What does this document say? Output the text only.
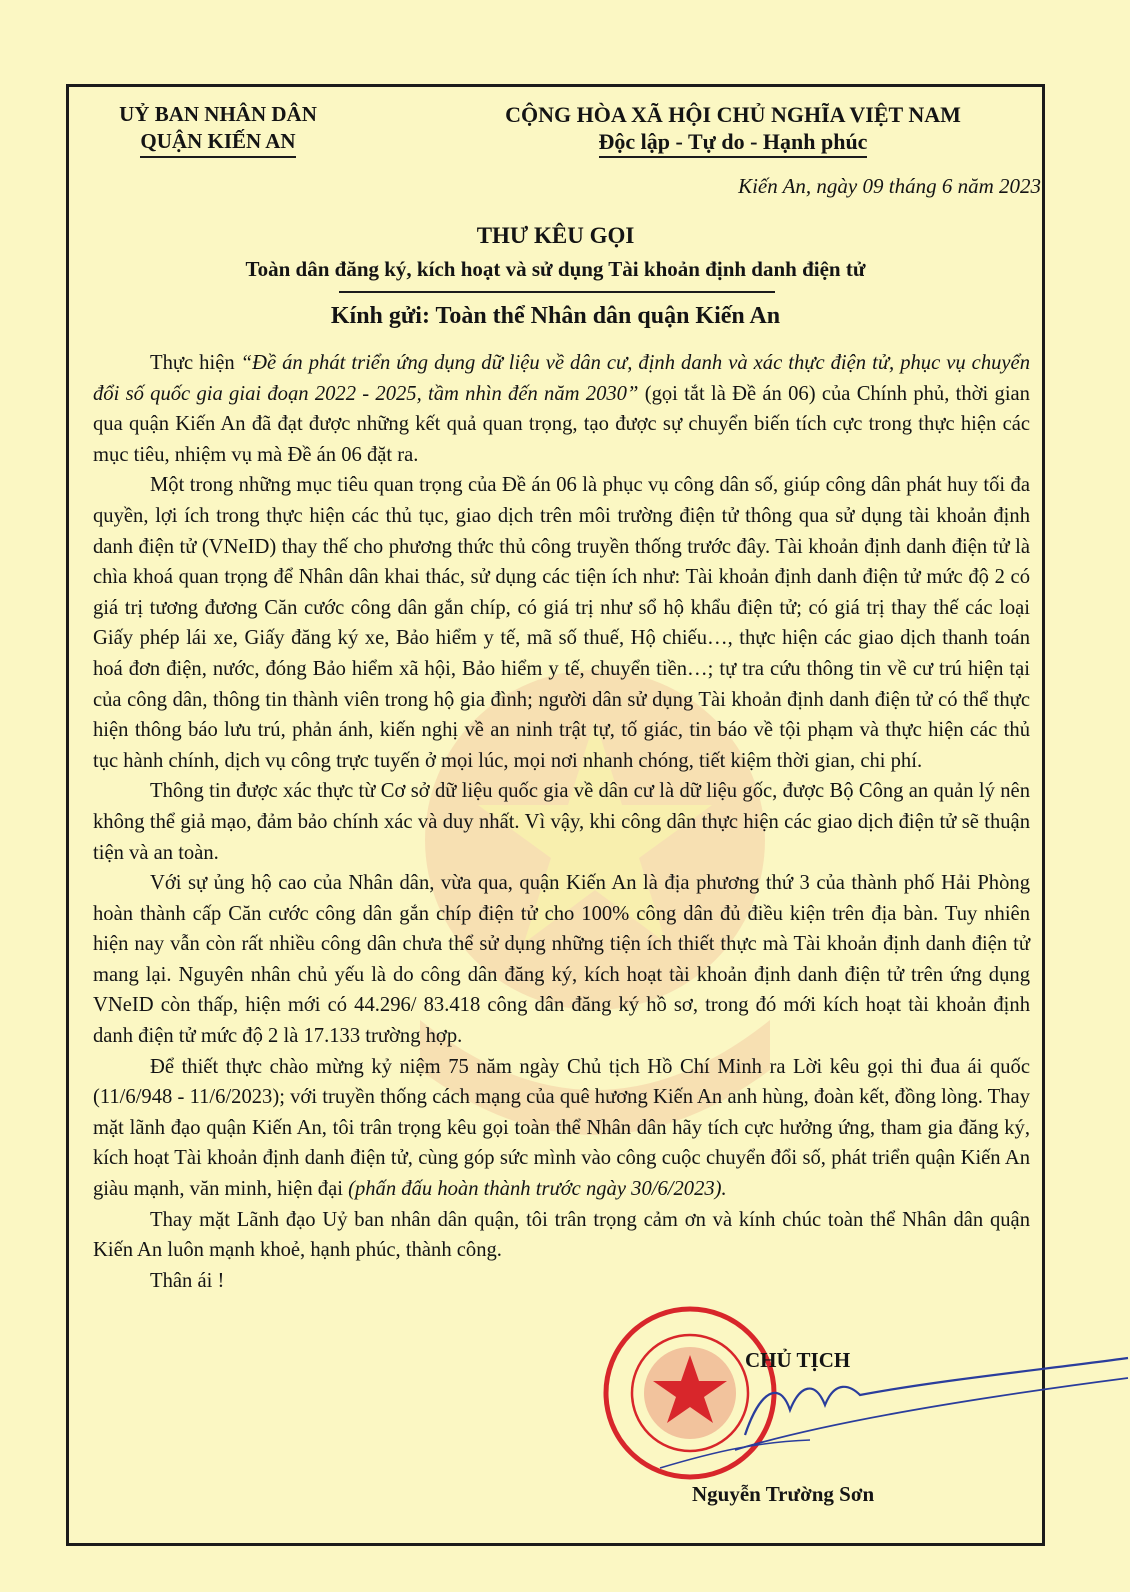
UỶ BAN NHÂN DÂN
QUẬN KIẾN AN
CỘNG HÒA XÃ HỘI CHỦ NGHĨA VIỆT NAM
Độc lập - Tự do - Hạnh phúc
Kiến An, ngày 09 tháng 6 năm 2023
THƯ KÊU GỌI
Toàn dân đăng ký, kích hoạt và sử dụng Tài khoản định danh điện tử
Kính gửi: Toàn thể Nhân dân quận Kiến An

Thực hiện “Đề án phát triển ứng dụng dữ liệu về dân cư, định danh và xác thực điện tử, phục vụ chuyển đổi số quốc gia giai đoạn 2022 - 2025, tầm nhìn đến năm 2030” (gọi tắt là Đề án 06) của Chính phủ, thời gian qua quận Kiến An đã đạt được những kết quả quan trọng, tạo được sự chuyển biến tích cực trong thực hiện các mục tiêu, nhiệm vụ mà Đề án 06 đặt ra.

Một trong những mục tiêu quan trọng của Đề án 06 là phục vụ công dân số, giúp công dân phát huy tối đa quyền, lợi ích trong thực hiện các thủ tục, giao dịch trên môi trường điện tử thông qua sử dụng tài khoản định danh điện tử (VNeID) thay thế cho phương thức thủ công truyền thống trước đây. Tài khoản định danh điện tử là chìa khoá quan trọng để Nhân dân khai thác, sử dụng các tiện ích như: Tài khoản định danh điện tử mức độ 2 có giá trị tương đương Căn cước công dân gắn chíp, có giá trị như sổ hộ khẩu điện tử; có giá trị thay thế các loại Giấy phép lái xe, Giấy đăng ký xe, Bảo hiểm y tế, mã số thuế, Hộ chiếu…, thực hiện các giao dịch thanh toán hoá đơn điện, nước, đóng Bảo hiểm xã hội, Bảo hiểm y tế, chuyển tiền…; tự tra cứu thông tin về cư trú hiện tại của công dân, thông tin thành viên trong hộ gia đình; người dân sử dụng Tài khoản định danh điện tử có thể thực hiện thông báo lưu trú, phản ánh, kiến nghị về an ninh trật tự, tố giác, tin báo về tội phạm và thực hiện các thủ tục hành chính, dịch vụ công trực tuyến ở mọi lúc, mọi nơi nhanh chóng, tiết kiệm thời gian, chi phí.

Thông tin được xác thực từ Cơ sở dữ liệu quốc gia về dân cư là dữ liệu gốc, được Bộ Công an quản lý nên không thể giả mạo, đảm bảo chính xác và duy nhất. Vì vậy, khi công dân thực hiện các giao dịch điện tử sẽ thuận tiện và an toàn.

Với sự ủng hộ cao của Nhân dân, vừa qua, quận Kiến An là địa phương thứ 3 của thành phố Hải Phòng hoàn thành cấp Căn cước công dân gắn chíp điện tử cho 100% công dân đủ điều kiện trên địa bàn. Tuy nhiên hiện nay vẫn còn rất nhiều công dân chưa thể sử dụng những tiện ích thiết thực mà Tài khoản định danh điện tử mang lại. Nguyên nhân chủ yếu là do công dân đăng ký, kích hoạt tài khoản định danh điện tử trên ứng dụng VNeID còn thấp, hiện mới có 44.296/ 83.418 công dân đăng ký hồ sơ, trong đó mới kích hoạt tài khoản định danh điện tử mức độ 2 là 17.133 trường hợp.

Để thiết thực chào mừng kỷ niệm 75 năm ngày Chủ tịch Hồ Chí Minh ra Lời kêu gọi thi đua ái quốc (11/6/948 - 11/6/2023); với truyền thống cách mạng của quê hương Kiến An anh hùng, đoàn kết, đồng lòng. Thay mặt lãnh đạo quận Kiến An, tôi trân trọng kêu gọi toàn thể Nhân dân hãy tích cực hưởng ứng, tham gia đăng ký, kích hoạt Tài khoản định danh điện tử, cùng góp sức mình vào công cuộc chuyển đổi số, phát triển quận Kiến An giàu mạnh, văn minh, hiện đại (phấn đấu hoàn thành trước ngày 30/6/2023).

Thay mặt Lãnh đạo Uỷ ban nhân dân quận, tôi trân trọng cảm ơn và kính chúc toàn thể Nhân dân quận Kiến An luôn mạnh khoẻ, hạnh phúc, thành công.

Thân ái !

CHỦ TỊCH
Nguyễn Trường Sơn
